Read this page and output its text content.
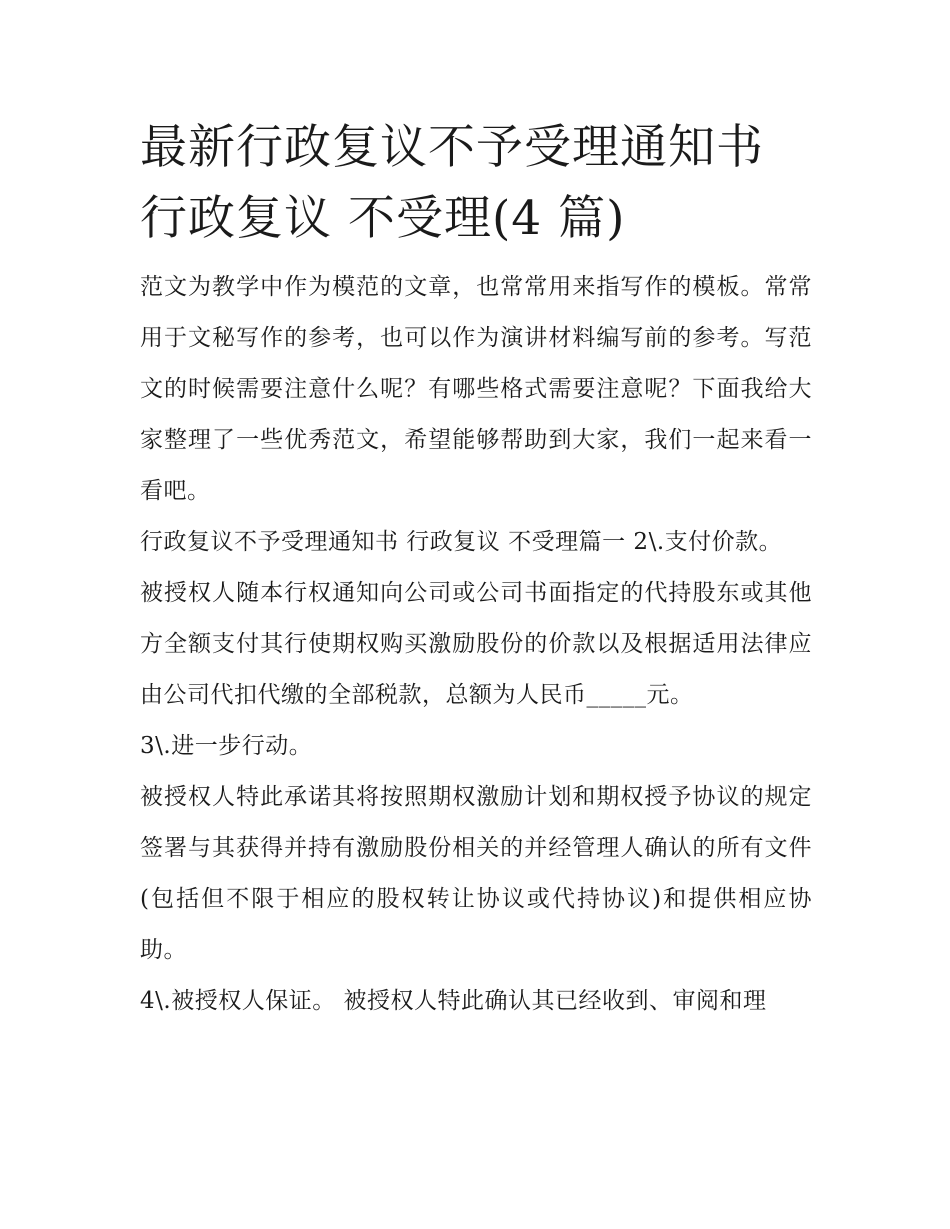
最新行政复议不予受理通知书
行政复议 不受理(4 篇)

范文为教学中作为模范的文章，也常常用来指写作的模板。常常用于文秘写作的参考，也可以作为演讲材料编写前的参考。写范文的时候需要注意什么呢？有哪些格式需要注意呢？下面我给大家整理了一些优秀范文，希望能够帮助到大家，我们一起来看一看吧。

行政复议不予受理通知书 行政复议 不受理篇一 2\.支付价款。

被授权人随本行权通知向公司或公司书面指定的代持股东或其他方全额支付其行使期权购买激励股份的价款以及根据适用法律应由公司代扣代缴的全部税款，总额为人民币_____元。

3\.进一步行动。

被授权人特此承诺其将按照期权激励计划和期权授予协议的规定签署与其获得并持有激励股份相关的并经管理人确认的所有文件(包括但不限于相应的股权转让协议或代持协议)和提供相应协助。

4\.被授权人保证。 被授权人特此确认其已经收到、审阅和理
